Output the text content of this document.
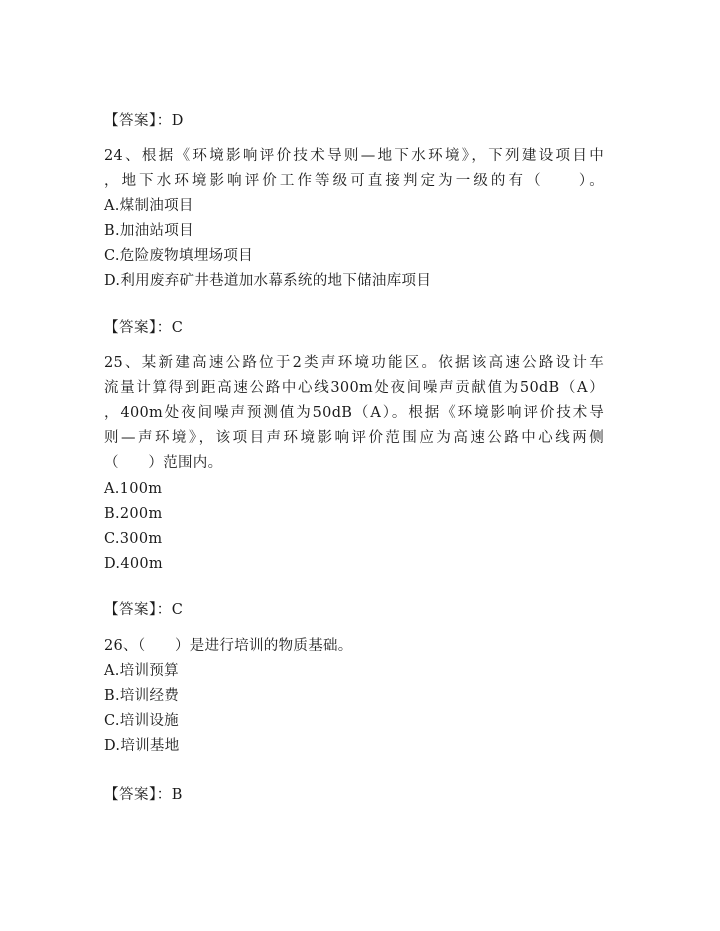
【答案】：D
24、根据《环境影响评价技术导则—地下水环境》，下列建设项目中
，地下水环境影响评价工作等级可直接判定为一级的有（　　）。
A.煤制油项目
B.加油站项目
C.危险废物填埋场项目
D.利用废弃矿井巷道加水幕系统的地下储油库项目
【答案】：C
25、某新建高速公路位于2类声环境功能区。依据该高速公路设计车
流量计算得到距高速公路中心线300m处夜间噪声贡献值为50dB（A）
，400m处夜间噪声预测值为50dB（A）。根据《环境影响评价技术导
则—声环境》，该项目声环境影响评价范围应为高速公路中心线两侧
（　　）范围内。
A.100m
B.200m
C.300m
D.400m
【答案】：C
26、（　　）是进行培训的物质基础。
A.培训预算
B.培训经费
C.培训设施
D.培训基地
【答案】：B
